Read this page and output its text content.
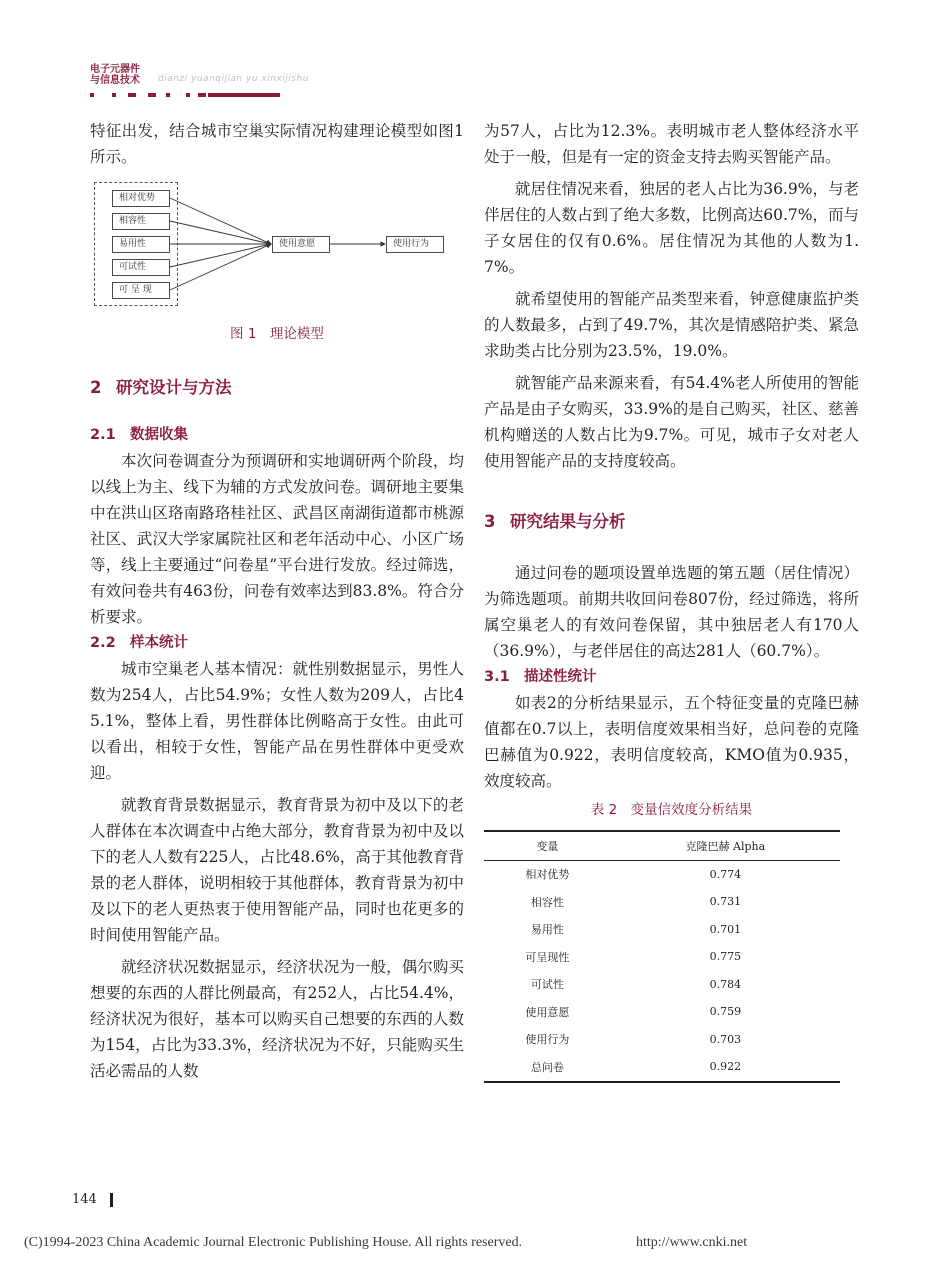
电子元器件
与信息技术	dianzi yuanqijian yu xinxijishu

特征出发，结合城市空巢实际情况构建理论模型如图1所示。

相对优势
相容性
易用性
可试性
可 呈 现
使用意愿	使用行为

图 1　理论模型

2 研究设计与方法

2.1 数据收集

本次问卷调查分为预调研和实地调研两个阶段，均以线上为主、线下为辅的方式发放问卷。调研地主要集中在洪山区珞南路珞桂社区、武昌区南湖街道都市桃源社区、武汉大学家属院社区和老年活动中心、小区广场等，线上主要通过“问卷星”平台进行发放。经过筛选，有效问卷共有463份，问卷有效率达到83.8%。符合分析要求。

2.2 样本统计

城市空巢老人基本情况：就性别数据显示，男性人数为254人，占比54.9%；女性人数为209人，占比45.1%，整体上看，男性群体比例略高于女性。由此可以看出，相较于女性，智能产品在男性群体中更受欢迎。

就教育背景数据显示，教育背景为初中及以下的老人群体在本次调查中占绝大部分，教育背景为初中及以下的老人人数有225人，占比48.6%，高于其他教育背景的老人群体，说明相较于其他群体，教育背景为初中及以下的老人更热衷于使用智能产品，同时也花更多的时间使用智能产品。

就经济状况数据显示，经济状况为一般，偶尔购买想要的东西的人群比例最高，有252人，占比54.4%，经济状况为很好，基本可以购买自己想要的东西的人数为154，占比为33.3%，经济状况为不好，只能购买生活必需品的人数

为57人，占比为12.3%。表明城市老人整体经济水平处于一般，但是有一定的资金支持去购买智能产品。

就居住情况来看，独居的老人占比为36.9%，与老伴居住的人数占到了绝大多数，比例高达60.7%，而与子女居住的仅有0.6%。居住情况为其他的人数为1.7%。

就希望使用的智能产品类型来看，钟意健康监护类的人数最多，占到了49.7%，其次是情感陪护类、紧急求助类占比分别为23.5%，19.0%。

就智能产品来源来看，有54.4%老人所使用的智能产品是由子女购买，33.9%的是自己购买，社区、慈善机构赠送的人数占比为9.7%。可见，城市子女对老人使用智能产品的支持度较高。

3 研究结果与分析

通过问卷的题项设置单选题的第五题（居住情况）为筛选题项。前期共收回问卷807份，经过筛选，将所属空巢老人的有效问卷保留，其中独居老人有170人（36.9%），与老伴居住的高达281人（60.7%）。

3.1 描述性统计

如表2的分析结果显示，五个特征变量的克隆巴赫值都在0.7以上，表明信度效果相当好，总问卷的克隆巴赫值为0.922，表明信度较高，KMO值为0.935，效度较高。

表 2　变量信效度分析结果

变量	克隆巴赫 Alpha
相对优势	0.774
相容性	0.731
易用性	0.701
可呈现性	0.775
可试性	0.784
使用意愿	0.759
使用行为	0.703
总问卷	0.922
144
(C)1994-2023 China Academic Journal Electronic Publishing House. All rights reserved.	http://www.cnki.net
